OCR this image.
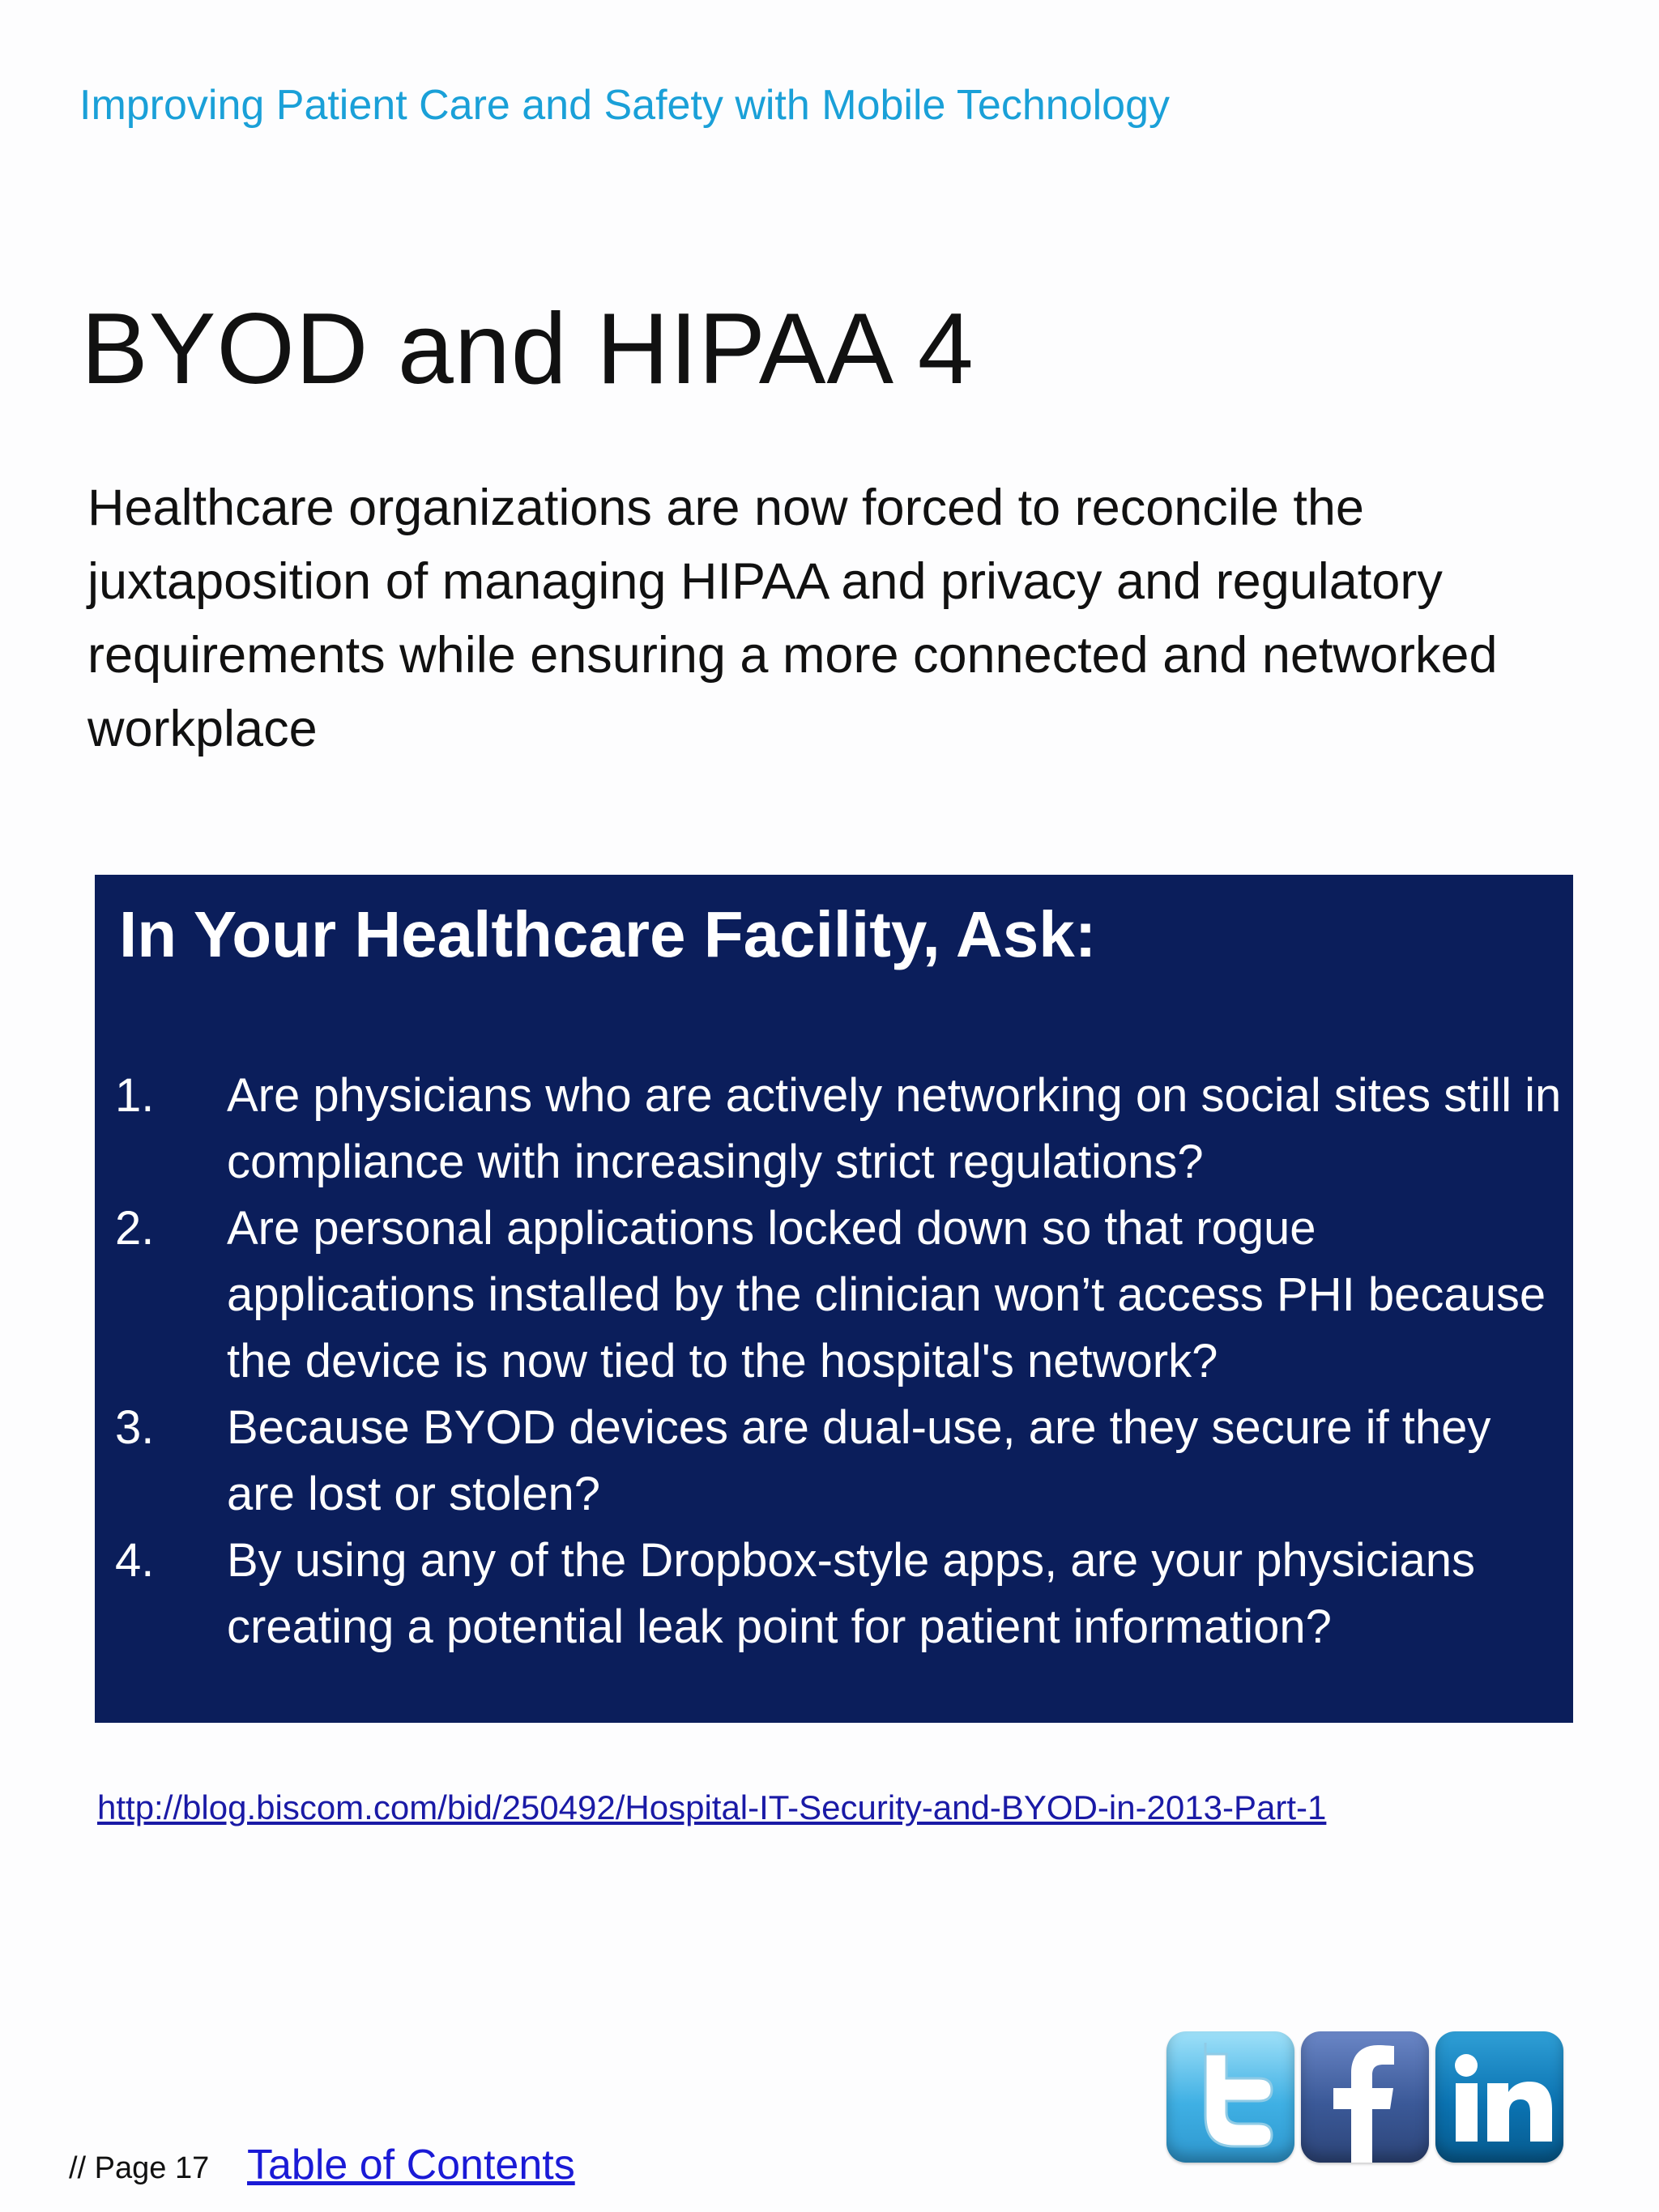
Improving Patient Care and Safety with Mobile Technology
BYOD and HIPAA 4
Healthcare organizations are now forced to reconcile the juxtaposition of managing HIPAA and privacy and regulatory requirements while ensuring a more connected and networked workplace
In Your Healthcare Facility, Ask:
1.	Are physicians who are actively networking on social sites still in compliance with increasingly strict regulations?
2.	Are personal applications locked down so that rogue applications installed by the clinician won’t access PHI because the device is now tied to the hospital's network?
3.	Because BYOD devices are dual-use, are they secure if they are lost or stolen?
4.	By using any of the Dropbox-style apps, are your physicians creating a potential leak point for patient information?
http://blog.biscom.com/bid/250492/Hospital-IT-Security-and-BYOD-in-2013-Part-1
// Page 17 Table of Contents
